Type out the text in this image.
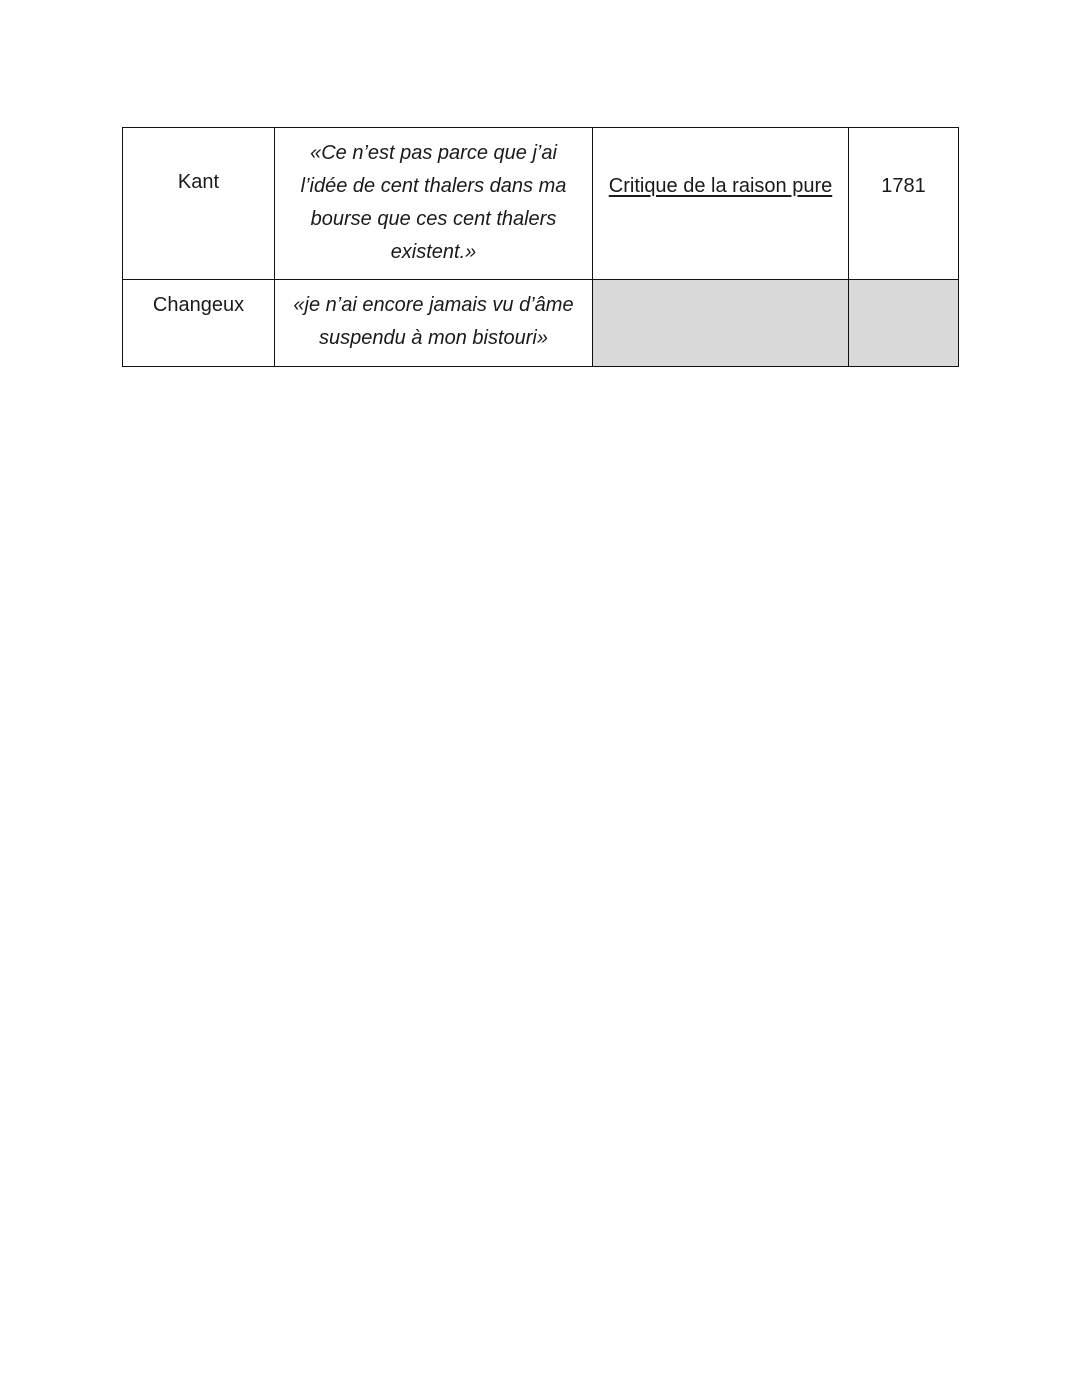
Kant	«Ce n’est pas parce que j’ai l’idée de cent thalers dans ma bourse que ces cent thalers existent.»	Critique de la raison pure	1781
Changeux	«je n’ai encore jamais vu d’âme suspendu à mon bistouri»		
